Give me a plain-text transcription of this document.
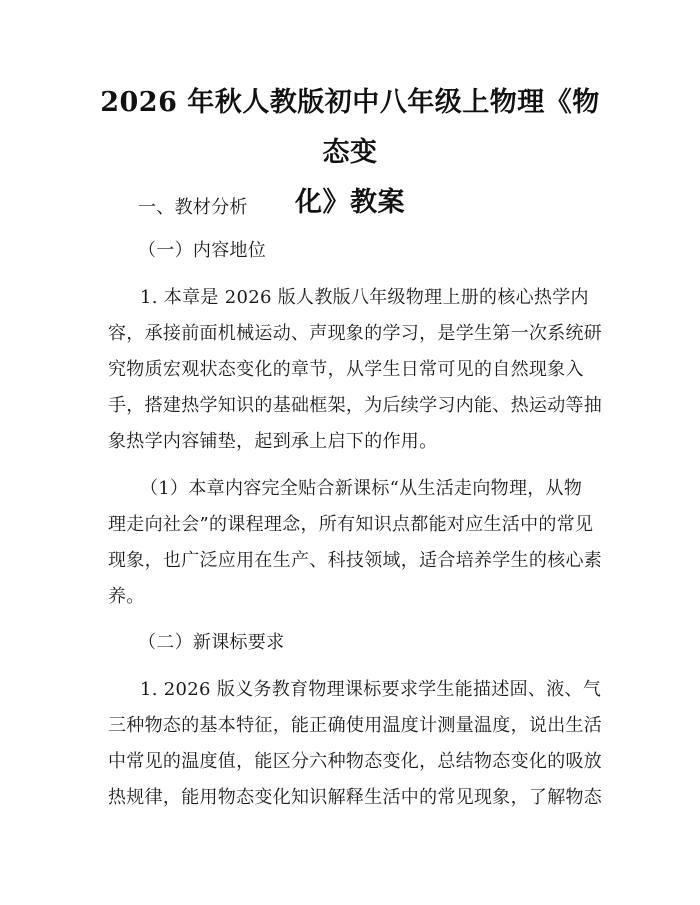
2026 年秋人教版初中八年级上物理《物态变
化》教案

一、教材分析

（一）内容地位

1. 本章是 2026 版人教版八年级物理上册的核心热学内

容，承接前面机械运动、声现象的学习，是学生第一次系统研

究物质宏观状态变化的章节，从学生日常可见的自然现象入

手，搭建热学知识的基础框架，为后续学习内能、热运动等抽

象热学内容铺垫，起到承上启下的作用。

（1）本章内容完全贴合新课标“从生活走向物理，从物

理走向社会”的课程理念，所有知识点都能对应生活中的常见

现象，也广泛应用在生产、科技领域，适合培养学生的核心素

养。

（二）新课标要求

1. 2026 版义务教育物理课标要求学生能描述固、液、气

三种物态的基本特征，能正确使用温度计测量温度，说出生活

中常见的温度值，能区分六种物态变化，总结物态变化的吸放

热规律，能用物态变化知识解释生活中的常见现象，了解物态
